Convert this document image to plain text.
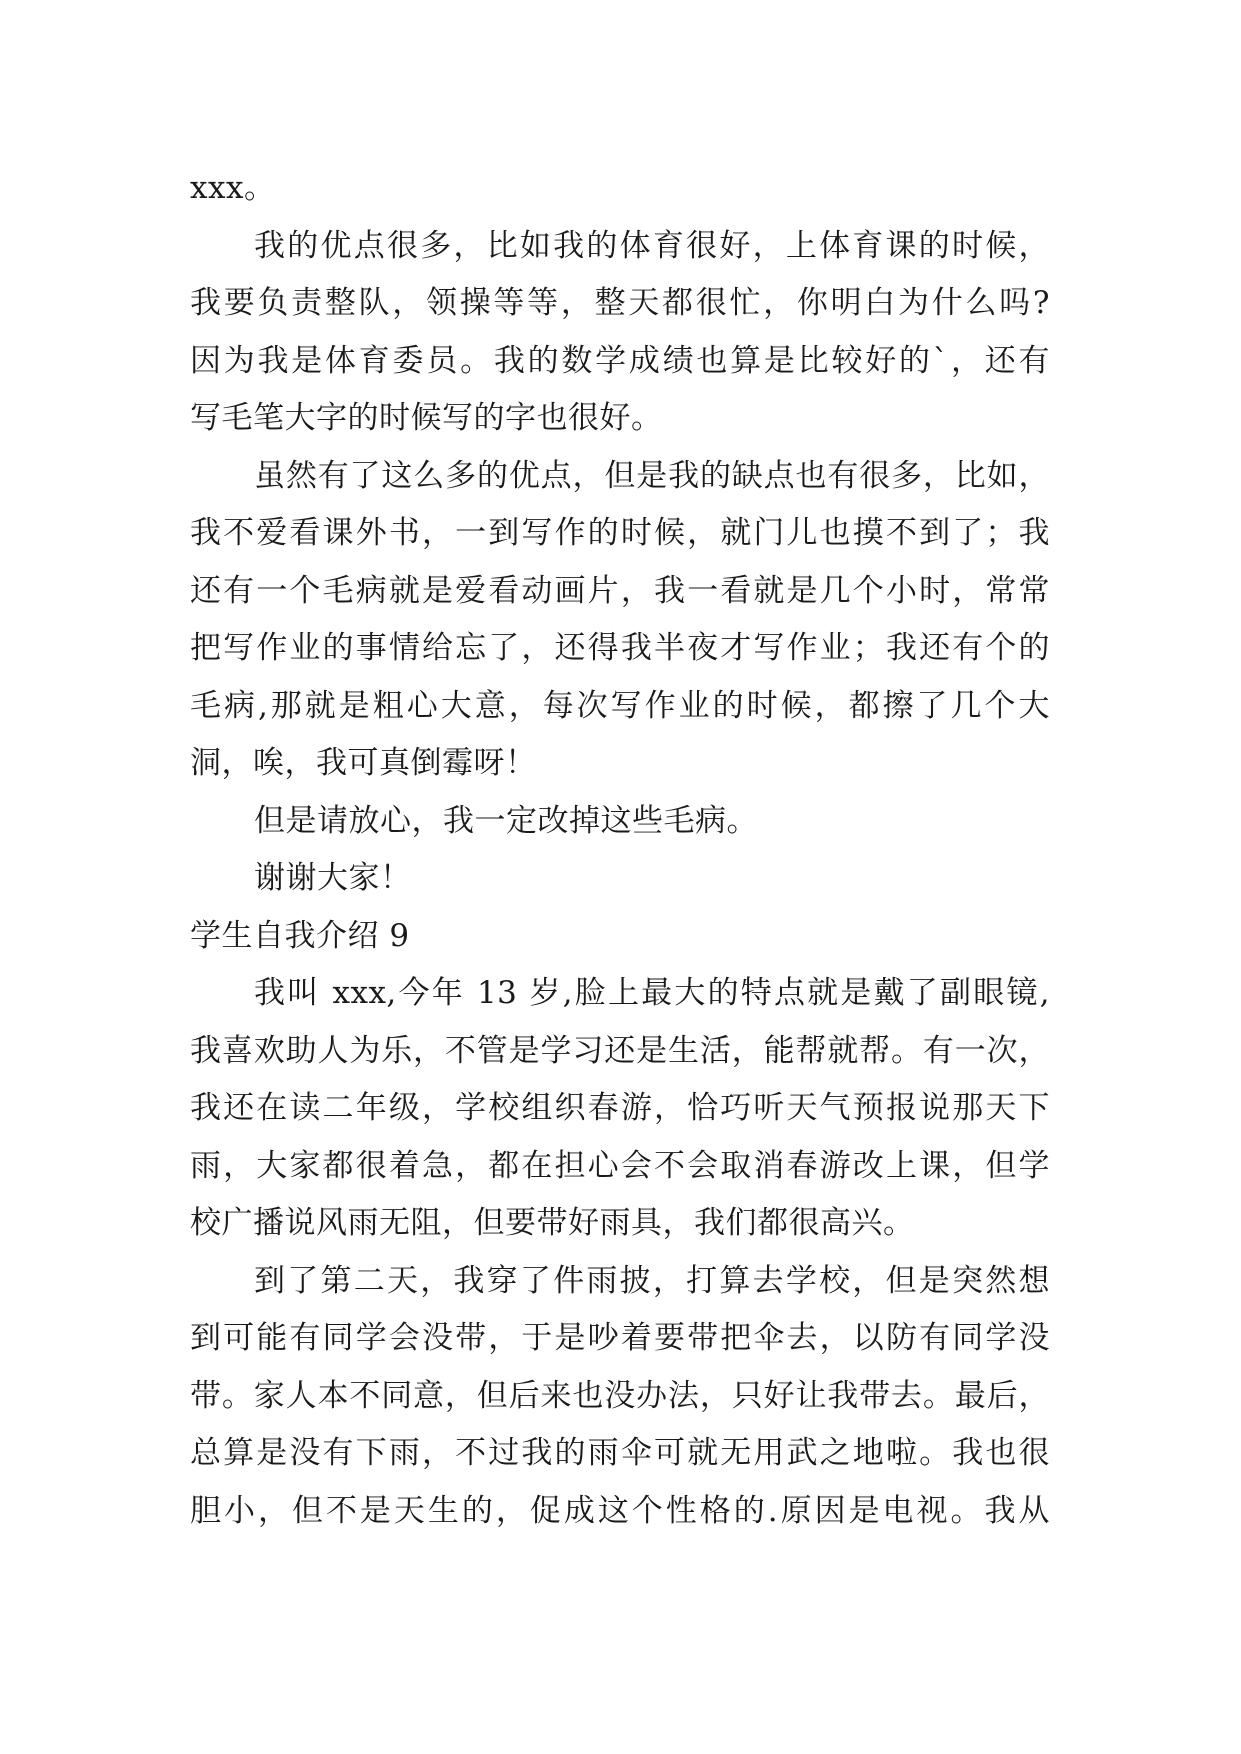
xxx。
我的优点很多，比如我的体育很好，上体育课的时候，
我要负责整队，领操等等，整天都很忙，你明白为什么吗?
因为我是体育委员。我的数学成绩也算是比较好的`，还有
写毛笔大字的时候写的字也很好。
虽然有了这么多的优点，但是我的缺点也有很多，比如，
我不爱看课外书，一到写作的时候，就门儿也摸不到了；我
还有一个毛病就是爱看动画片，我一看就是几个小时，常常
把写作业的事情给忘了，还得我半夜才写作业；我还有个的
毛病,那就是粗心大意，每次写作业的时候，都擦了几个大
洞，唉，我可真倒霉呀！
但是请放心，我一定改掉这些毛病。
谢谢大家！
学生自我介绍 9
我叫 xxx,今年 13 岁,脸上最大的特点就是戴了副眼镜,
我喜欢助人为乐，不管是学习还是生活，能帮就帮。有一次，
我还在读二年级，学校组织春游，恰巧听天气预报说那天下
雨，大家都很着急，都在担心会不会取消春游改上课，但学
校广播说风雨无阻，但要带好雨具，我们都很高兴。
到了第二天，我穿了件雨披，打算去学校，但是突然想
到可能有同学会没带，于是吵着要带把伞去，以防有同学没
带。家人本不同意，但后来也没办法，只好让我带去。最后，
总算是没有下雨，不过我的雨伞可就无用武之地啦。我也很
胆小，但不是天生的，促成这个性格的.原因是电视。我从
